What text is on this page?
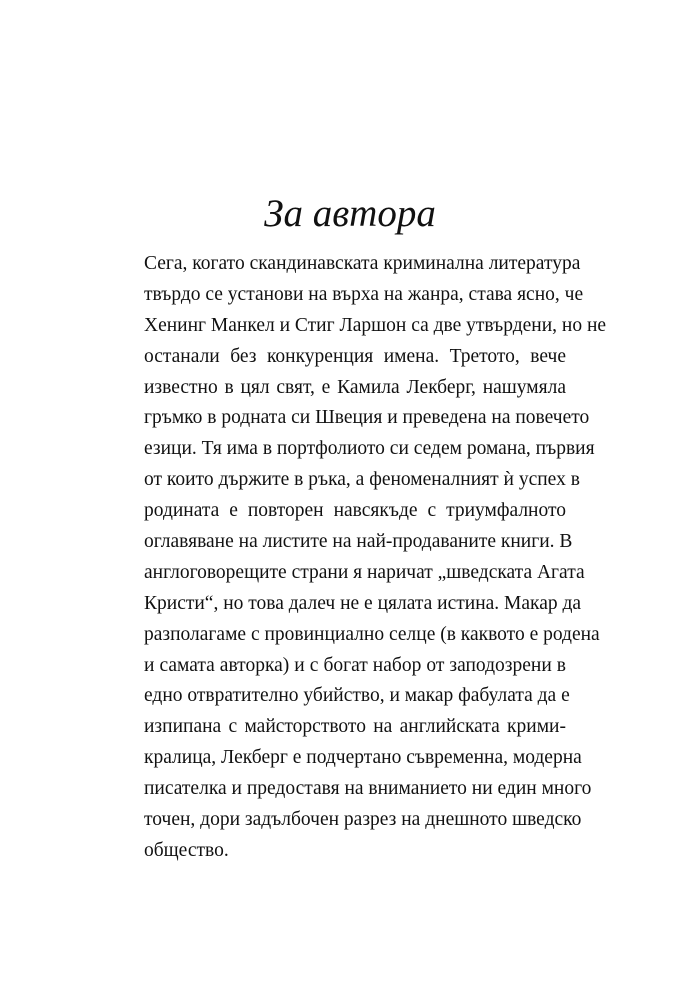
За автора
Сега, когато скандинавската криминална литература
твърдо се установи на върха на жанра, става ясно, че
Хенинг Манкел и Стиг Ларшон са две утвърдени, но не
останали без конкуренция имена. Третото, вече
известно в цял свят, е Камила Лекберг, нашумяла
гръмко в родната си Швеция и преведена на повечето
езици. Тя има в портфолиото си седем романа, първия
от които държите в ръка, а феноменалният ѝ успех в
родината е повторен навсякъде с триумфалното
оглавяване на листите на най-продаваните книги. В
англоговорещите страни я наричат „шведската Агата
Кристи“, но това далеч не е цялата истина. Макар да
разполагаме с провинциално селце (в каквото е родена
и самата авторка) и с богат набор от заподозрени в
едно отвратително убийство, и макар фабулата да е
изпипана с майсторството на английската крими-
кралица, Лекберг е подчертано съвременна, модерна
писателка и предоставя на вниманието ни един много
точен, дори задълбочен разрез на днешното шведско
общество.
